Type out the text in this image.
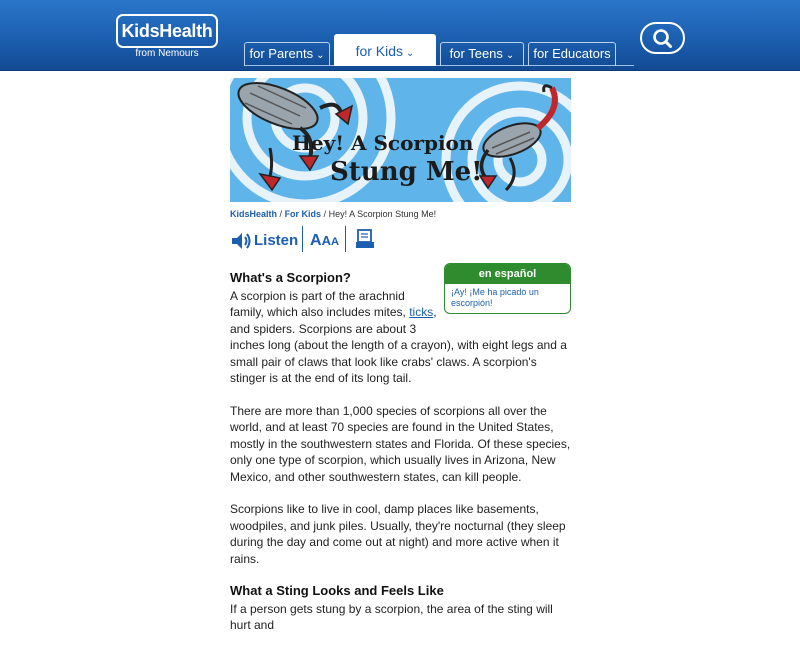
KidsHealth
from Nemours	for Parents ⌄	for Kids ⌄	for Teens ⌄	for Educators
Hey! A Scorpion
Stung Me!
KidsHealth / For Kids / Hey! A Scorpion Stung Me!
Listen AAA
en español
¡Ay! ¡Me ha picado un escorpión!
What's a Scorpion?

A scorpion is part of the arachnid family, which also includes mites, ticks, and spiders. Scorpions are about 3 inches long (about the length of a crayon), with eight legs and a small pair of claws that look like crabs' claws. A scorpion's stinger is at the end of its long tail.

There are more than 1,000 species of scorpions all over the world, and at least 70 species are found in the United States, mostly in the southwestern states and Florida. Of these species, only one type of scorpion, which usually lives in Arizona, New Mexico, and other southwestern states, can kill people.

Scorpions like to live in cool, damp places like basements, woodpiles, and junk piles. Usually, they're nocturnal (they sleep during the day and come out at night) and more active when it rains.

What a Sting Looks and Feels Like

If a person gets stung by a scorpion, the area of the sting will hurt and
